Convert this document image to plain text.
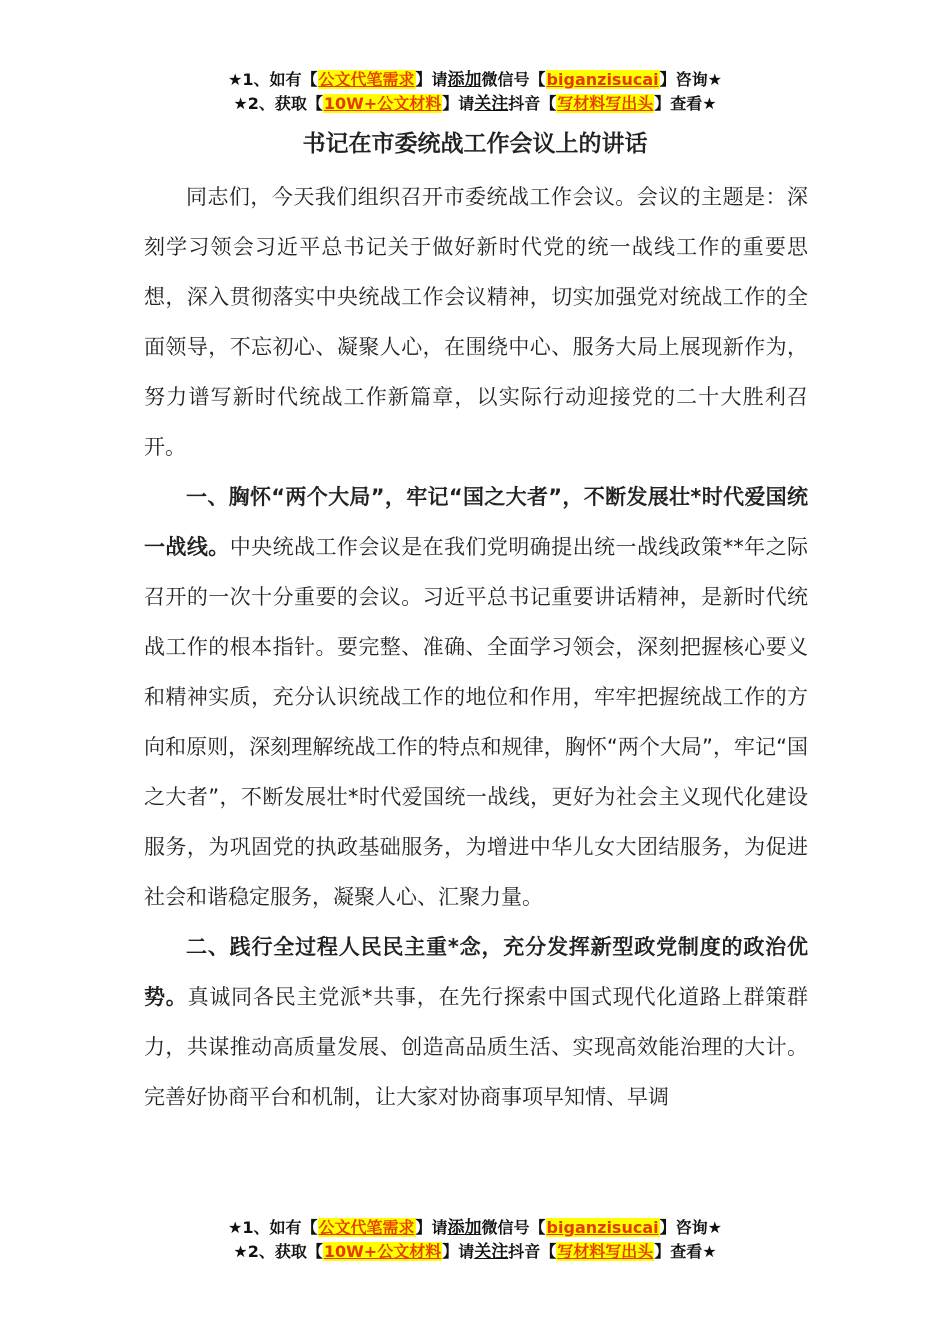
★1、如有【公文代笔需求】请添加微信号【biganzisucai】咨询★
★2、获取【10W+公文材料】请关注抖音【写材料写出头】查看★
书记在市委统战工作会议上的讲话

同志们，今天我们组织召开市委统战工作会议。会议的主题是：深刻学习领会习近平总书记关于做好新时代党的统一战线工作的重要思想，深入贯彻落实中央统战工作会议精神，切实加强党对统战工作的全面领导，不忘初心、凝聚人心，在围绕中心、服务大局上展现新作为，努力谱写新时代统战工作新篇章，以实际行动迎接党的二十大胜利召开。

一、胸怀“两个大局”，牢记“国之大者”，不断发展壮*时代爱国统一战线。中央统战工作会议是在我们党明确提出统一战线政策**年之际召开的一次十分重要的会议。习近平总书记重要讲话精神，是新时代统战工作的根本指针。要完整、准确、全面学习领会，深刻把握核心要义和精神实质，充分认识统战工作的地位和作用，牢牢把握统战工作的方向和原则，深刻理解统战工作的特点和规律，胸怀“两个大局”，牢记“国之大者”，不断发展壮*时代爱国统一战线，更好为社会主义现代化建设服务，为巩固党的执政基础服务，为增进中华儿女大团结服务，为促进社会和谐稳定服务，凝聚人心、汇聚力量。

二、践行全过程人民民主重*念，充分发挥新型政党制度的政治优势。真诚同各民主党派*共事，在先行探索中国式现代化道路上群策群力，共谋推动高质量发展、创造高品质生活、实现高效能治理的大计。完善好协商平台和机制，让大家对协商事项早知情、早调

★1、如有【公文代笔需求】请添加微信号【biganzisucai】咨询★
★2、获取【10W+公文材料】请关注抖音【写材料写出头】查看★
